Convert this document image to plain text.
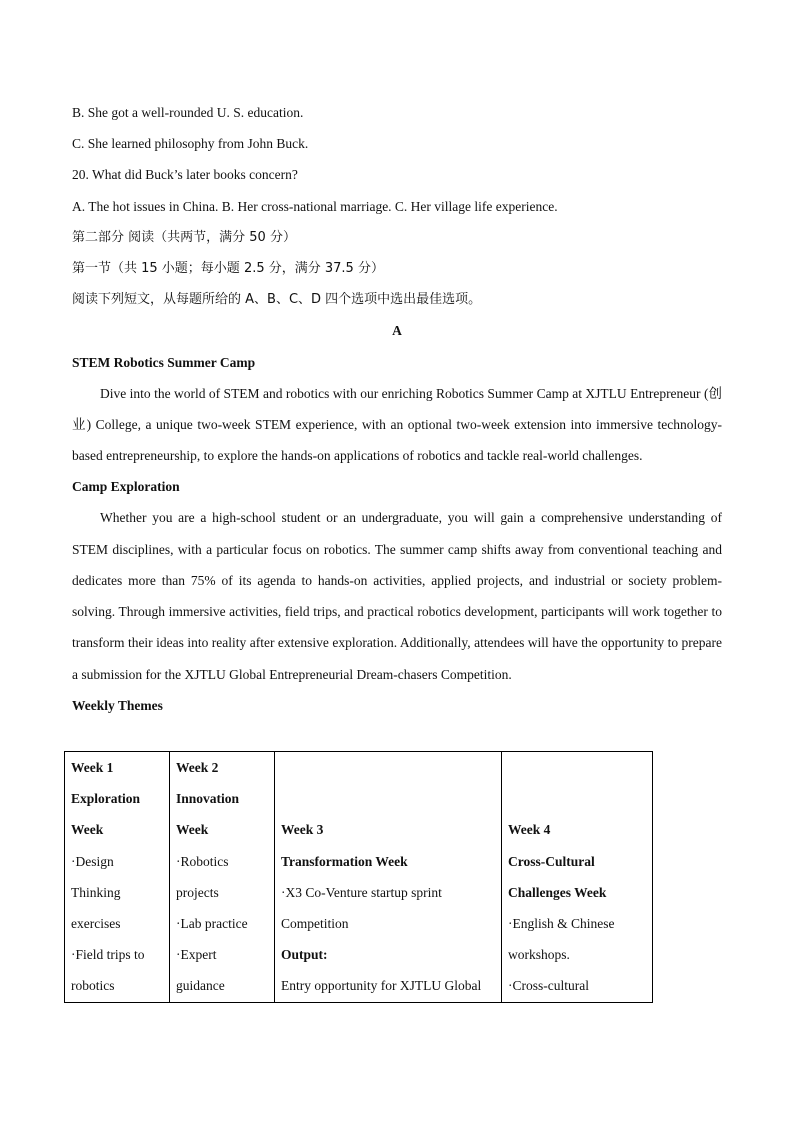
B. She got a well-rounded U. S. education.
C. She learned philosophy from John Buck.
20. What did Buck’s later books concern?
A. The hot issues in China. B. Her cross-national marriage. C. Her village life experience.
第二部分 阅读（共两节，满分 50 分）
第一节（共 15 小题；每小题 2.5 分，满分 37.5 分）
阅读下列短文，从每题所给的 A、B、C、D 四个选项中选出最佳选项。
A
STEM Robotics Summer Camp

Dive into the world of STEM and robotics with our enriching Robotics Summer Camp at XJTLU Entrepreneur (创业) College, a unique two-week STEM experience, with an optional two-week extension into immersive technology-based entrepreneurship, to explore the hands-on applications of robotics and tackle real-world challenges.

Camp Exploration

Whether you are a high-school student or an undergraduate, you will gain a comprehensive understanding of STEM disciplines, with a particular focus on robotics. The summer camp shifts away from conventional teaching and dedicates more than 75% of its agenda to hands-on activities, applied projects, and industrial or society problem-solving. Through immersive activities, field trips, and practical robotics development, participants will work together to transform their ideas into reality after extensive exploration. Additionally, attendees will have the opportunity to prepare a submission for the XJTLU Global Entrepreneurial Dream-chasers Competition.

Weekly Themes
Week 1
Exploration
Week
·Design
Thinking
exercises
·Field trips to
robotics

Week 2
Innovation
Week
·Robotics
projects
·Lab practice
·Expert
guidance

Week 3
Transformation Week
·X3 Co-Venture startup sprint
Competition
Output:
Entry opportunity for XJTLU Global

Week 4
Cross-Cultural
Challenges Week
·English & Chinese
workshops.
·Cross-cultural
